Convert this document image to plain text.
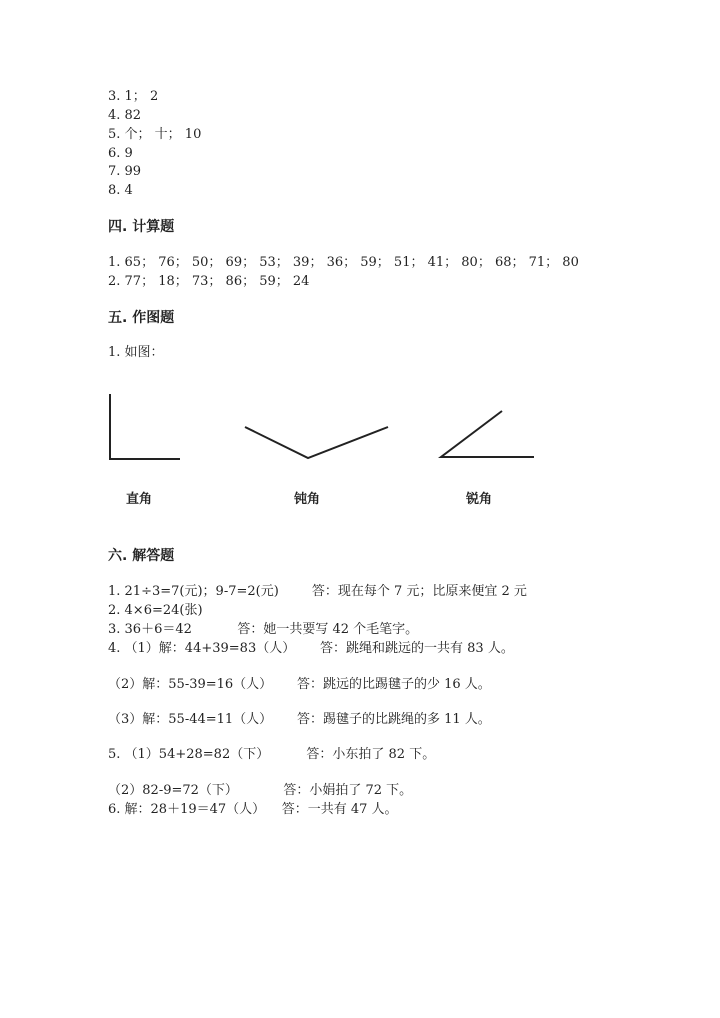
3. 1； 2
4. 82
5. 个； 十； 10
6. 9
7. 99
8. 4
四. 计算题
1. 65； 76； 50； 69； 53； 39； 36； 59； 51； 41； 80； 68； 71； 80
2. 77； 18； 73； 86； 59； 24
五. 作图题
1. 如图：
直角	钝角	锐角
六. 解答题
1. 21÷3=7(元)；9-7=2(元)        答：现在每个 7 元；比原来便宜 2 元
2. 4×6=24(张)
3. 36＋6＝42           答：她一共要写 42 个毛笔字。
4. （1）解：44+39=83（人）      答：跳绳和跳远的一共有 83 人。
（2）解：55-39=16（人）      答：跳远的比踢毽子的少 16 人。
（3）解：55-44=11（人）      答：踢毽子的比跳绳的多 11 人。
5. （1）54+28=82（下）         答：小东拍了 82 下。
（2）82-9=72（下）           答：小娟拍了 72 下。
6. 解：28＋19＝47（人）    答：一共有 47 人。
